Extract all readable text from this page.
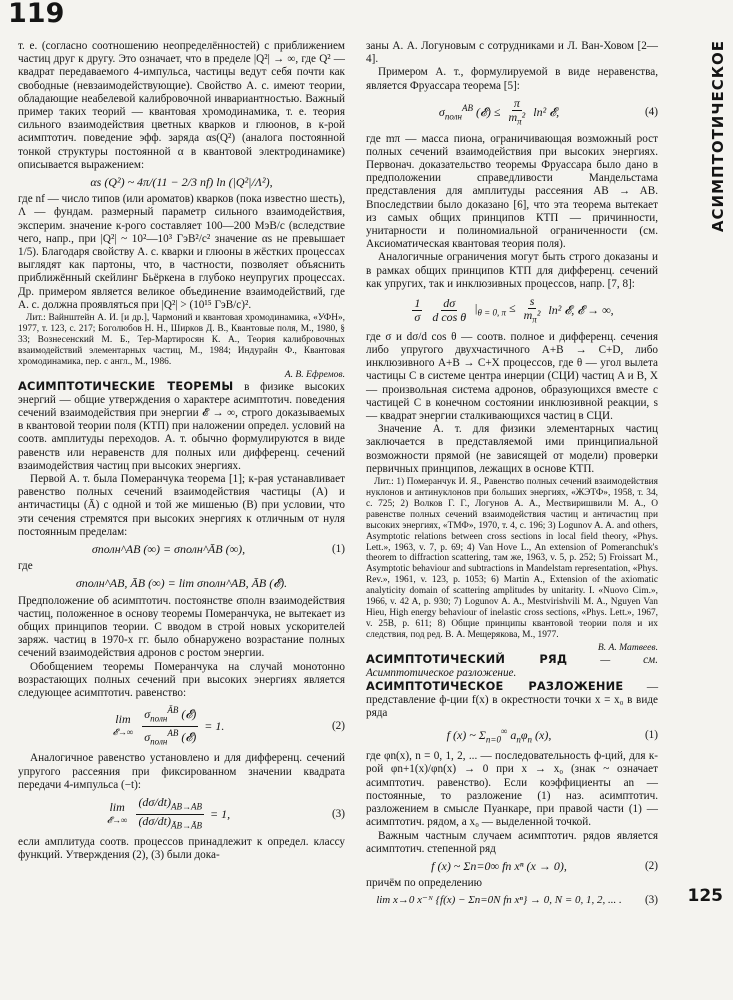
119
АСИМПТОТИЧЕСКОЕ
125

т. е. (согласно соотношению неопределённостей) с приближением частиц друг к другу. Это означает, что в пределе |Q²| → ∞, где Q² — квадрат передаваемого 4-импульса, частицы ведут себя почти как свободные (невзаимодействующие). Свойство А. с. имеют теории, обладающие неабелевой калибровочной инвариантностью. Важный пример таких теорий — квантовая хромодинамика, т. е. теория сильного взаимодействия цветных кварков и глюонов, в к-рой асимптотич. поведение эфф. заряда αs(Q²) (аналога постоянной тонкой структуры постоянной α в квантовой электродинамике) описывается выражением:

αs (Q²) ~ 4π/(11 − 2/3 nf) ln (|Q²|/Λ²),

где nf — число типов (или ароматов) кварков (пока известно шесть), Λ — фундам. размерный параметр сильного взаимодействия, эксперим. значение к-рого составляет 100—200 МэВ/с (вследствие чего, напр., при |Q²| ~ 10²—10³ ГэВ²/с² значение αs не превышает 1/5). Благодаря свойству А. с. кварки и глюоны в жёстких процессах выглядят как партоны, что, в частности, позволяет объяснить приближённый скейлинг Бьёркена в глубоко неупругих процессах. Др. примером является великое объединение взаимодействий, где А. с. должна проявляться при |Q²| > (10¹⁵ ГэВ/с)².

Лит.: Вайнштейн А. И. [и др.], Чармоний и квантовая хромодинамика, «УФН», 1977, т. 123, с. 217; Боголюбов Н. Н., Ширков Д. В., Квантовые поля, М., 1980, § 33; Вознесенский М. Б., Тер-Мартиросян К. А., Теория калибровочных взаимодействий элементарных частиц, М., 1984; Индурайн Ф., Квантовая хромодинамика, пер. с англ., М., 1986.

А. В. Ефремов.

АСИМПТОТИЧЕСКИЕ ТЕОРЕМЫ в физике высоких энергий — общие утверждения о характере асимптотич. поведения сечений взаимодействия при энергии 𝓔 → ∞, строго доказываемых в квантовой теории поля (КТП) при наложении определ. условий на соотв. амплитуды переходов. А. т. обычно формулируются в виде равенств или неравенств для полных или дифференц. сечений взаимодействия частиц при высоких энергиях.

Первой А. т. была Померанчука теорема [1]; к-рая устанавливает равенство полных сечений взаимодействия частицы (A) и античастицы (Ā) с одной и той же мишенью (B) при условии, что эти сечения стремятся при высоких энергиях к отличным от нуля постоянным пределам:

σполн^AB (∞) = σполн^ĀB (∞),	(1)

где

σполн^AB, ĀB (∞) = lim σполн^AB, ĀB (𝓔).

Предположение об асимптотич. постоянстве σполн взаимодействия частиц, положенное в основу теоремы Померанчука, не вытекает из общих принципов теории. С вводом в строй новых ускорителей заряж. частиц в 1970-х гг. было обнаружено возрастание полных сечений взаимодействия адронов с ростом энергии.

Обобщением теоремы Померанчука на случай монотонно возрастающих полных сечений при высоких энергиях является следующее асимптотич. равенство:

lim
𝓔→∞ $\frac{\sigma_{полн}^{ĀB} (𝓔)}{\sigma_{полн}^{AB} (𝓔)} = 1$.	(2)

Аналогичное равенство установлено и для дифференц. сечений упругого рассеяния при фиксированном значении квадрата передачи 4-импульса (−t):

lim
𝓔→∞ $\frac{(d\sigma/dt)_{AB\to AB}}{(d\sigma/dt)_{ĀB\to ĀB}} = 1$,	(3)

если амплитуда соотв. процессов принадлежит к определ. классу функций. Утверждения (2), (3) были дока-

заны А. А. Логуновым с сотрудниками и Л. Ван-Ховом [2—4].

Примером А. т., формулируемой в виде неравенства, является Фруассара теорема [5]:

$\sigma_{полн}^{AB}$ (𝓔) ≤ $\frac{\pi}{m_\pi^2} \ln^2$ 𝓔,	(4)

где mπ — масса пиона, ограничивающая возможный рост полных сечений взаимодействия при высоких энергиях. Первонач. доказательство теоремы Фруассара было дано в предположении справедливости Мандельстама представления для амплитуды рассеяния AB → AB. Впоследствии было доказано [6], что эта теорема вытекает из самых общих принципов КТП — причинности, унитарности и полиномиальной ограниченности (см. Аксиоматическая квантовая теория поля).

Аналогичные ограничения могут быть строго доказаны и в рамках общих принципов КТП для дифференц. сечений как упругих, так и инклюзивных процессов, напр. [7, 8]:

$\frac{1}{\sigma} \frac{d\sigma}{\text{d cos θ}} |_{\theta = 0, \pi} \le \frac{s}{m_\pi^2} \ln^2$ 𝓔, 𝓔 → ∞,

где σ и dσ/d cos θ — соотв. полное и дифференц. сечения либо упругого двухчастичного A+B → C+D, либо инклюзивного A+B → C+X процессов, где θ — угол вылета частицы C в системе центра инерции (СЦИ) частиц A и B, X — произвольная система адронов, образующихся вместе с частицей C в конечном состоянии инклюзивной реакции, s — квадрат энергии сталкивающихся частиц в СЦИ.

Значение А. т. для физики элементарных частиц заключается в представляемой ими принципиальной возможности прямой (не зависящей от модели) проверки первичных принципов, лежащих в основе КТП.

Лит.: 1) Померанчук И. Я., Равенство полных сечений взаимодействия нуклонов и антинуклонов при больших энергиях, «ЖЭТФ», 1958, т. 34, с. 725; 2) Волков Г. Г., Логунов А. А., Мествиришвили М. А., О равенстве полных сечений взаимодействия частиц и античастиц при высоких энергиях, «ТМФ», 1970, т. 4, с. 196; 3) Logunov A. A. and others, Asymptotic relations between cross sections in local field theory, «Phys. Lett.», 1963, v. 7, p. 69; 4) Van Hove L., An extension of Pomeranchuk's theorem to diffraction scattering, там же, 1963, v. 5, p. 252; 5) Froissart M., Asymptotic behaviour and subtractions in Mandelstam representation, «Phys. Rev.», 1961, v. 123, p. 1053; 6) Martin A., Extension of the axiomatic analyticity domain of scattering amplitudes by unitarity. I. «Nuovo Cim.», 1966, v. 42 A, p. 930; 7) Logunov A. A., Mestvirishvili M. A., Nguyen Van Hieu, High energy behaviour of inelastic cross sections, «Phys. Lett.», 1967, v. 25B, p. 611; 8) Общие принципы квантовой теории поля и их следствия, под ред. В. А. Мещерякова, М., 1977.

В. А. Матвеев.

АСИМПТОТИЧЕСКИЙ РЯД	— см. Асимптотическое разложение.

АСИМПТОТИЧЕСКОЕ РАЗЛОЖЕНИЕ — представление ф-ции f(x) в окрестности точки x = x₀ в виде ряда

f (x) ~ $\Sigma_{n=0}^\infty$ $a_n\varphi_n$ (x),	(1)

где φn(x), n = 0, 1, 2, ... — последовательность ф-ций, для к-рой φn+1(x)/φn(x) → 0 при x → x₀ (знак ~ означает асимптотич. равенство). Если коэффициенты an — постоянные, то разложение (1) наз. асимптотич. разложением в смысле Пуанкаре, при правой части (1) — асимптотич. рядом, а x₀ — выделенной точкой.

Важным частным случаем асимптотич. рядов является асимптотич. степенной ряд

f (x) ~ Σn=0∞ fn xⁿ (x → 0),	(2)

причём по определению

lim x→0 x⁻ᴺ {f(x) − Σn=0N fn xⁿ} → 0, N = 0, 1, 2, ... .	(3)
